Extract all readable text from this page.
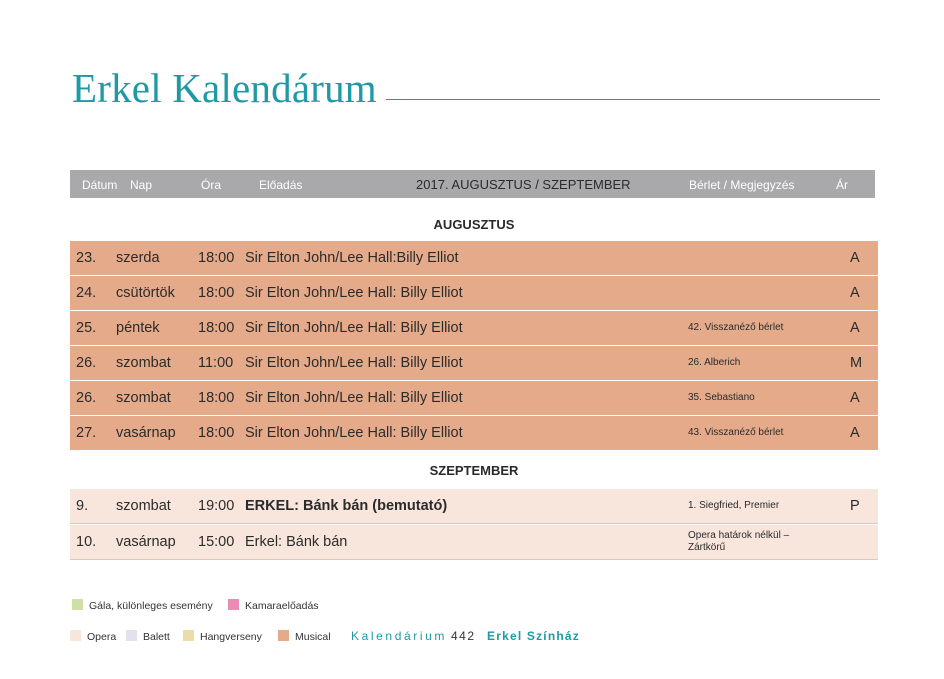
Erkel Kalendárum
Dátum Nap	Óra	Előadás	2017. AUGUSZTUS / SZEPTEMBER	Bérlet / Megjegyzés	Ár
AUGUSZTUS
23. szerda	18:00 Sir Elton John/Lee Hall:Billy Elliot	A
24. csütörtök 18:00 Sir Elton John/Lee Hall: Billy Elliot	A
25. péntek	18:00 Sir Elton John/Lee Hall: Billy Elliot	42. Visszanéző bérlet	A
26. szombat 11:00 Sir Elton John/Lee Hall: Billy Elliot	26. Alberich	M
26. szombat 18:00 Sir Elton John/Lee Hall: Billy Elliot	35. Sebastiano	A
27. vasárnap 18:00 Sir Elton John/Lee Hall: Billy Elliot	43. Visszanéző bérlet	A
SZEPTEMBER
9. szombat 19:00 ERKEL: Bánk bán (bemutató)	1. Siegfried, Premier	P
10. vasárnap 15:00 Erkel: Bánk bán	Opera határok nélkül – Zártkörű
Gála, különleges esemény	Kamaraelőadás
Opera	Balett	Hangverseny	Musical Kalendárium 442 Erkel Színház
